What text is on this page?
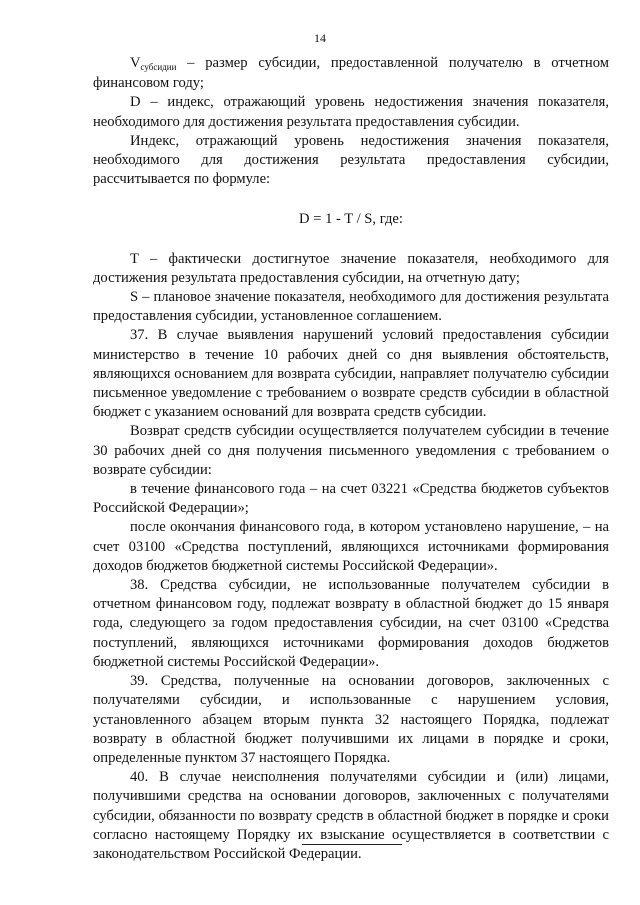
14

$V_{субсидии}$ – размер субсидии, предоставленной получателю в отчетном финансовом году;

D – индекс, отражающий уровень недостижения значения показателя, необходимого для достижения результата предоставления субсидии.

Индекс, отражающий уровень недостижения значения показателя, необходимого для достижения результата предоставления субсидии, рассчитывается по формуле:

D = 1 - T / S, где:

T – фактически достигнутое значение показателя, необходимого для достижения результата предоставления субсидии, на отчетную дату;

S – плановое значение показателя, необходимого для достижения результата предоставления субсидии, установленное соглашением.

37. В случае выявления нарушений условий предоставления субсидии министерство в течение 10 рабочих дней со дня выявления обстоятельств, являющихся основанием для возврата субсидии, направляет получателю субсидии письменное уведомление с требованием о возврате средств субсидии в областной бюджет с указанием оснований для возврата средств субсидии.

Возврат средств субсидии осуществляется получателем субсидии в течение 30 рабочих дней со дня получения письменного уведомления с требованием о возврате субсидии:

в течение финансового года – на счет 03221 «Средства бюджетов субъектов Российской Федерации»;

после окончания финансового года, в котором установлено нарушение, – на счет 03100 «Средства поступлений, являющихся источниками формирования доходов бюджетов бюджетной системы Российской Федерации».

38. Средства субсидии, не использованные получателем субсидии в отчетном финансовом году, подлежат возврату в областной бюджет до 15 января года, следующего за годом предоставления субсидии, на счет 03100 «Средства поступлений, являющихся источниками формирования доходов бюджетов бюджетной системы Российской Федерации».

39. Средства, полученные на основании договоров, заключенных с получателями субсидии, и использованные с нарушением условия, установленного абзацем вторым пункта 32 настоящего Порядка, подлежат возврату в областной бюджет получившими их лицами в порядке и сроки, определенные пунктом 37 настоящего Порядка.

40. В случае неисполнения получателями субсидии и (или) лицами, получившими средства на основании договоров, заключенных с получателями субсидии, обязанности по возврату средств в областной бюджет в порядке и сроки согласно настоящему Порядку их взыскание осуществляется в соответствии с законодательством Российской Федерации.
